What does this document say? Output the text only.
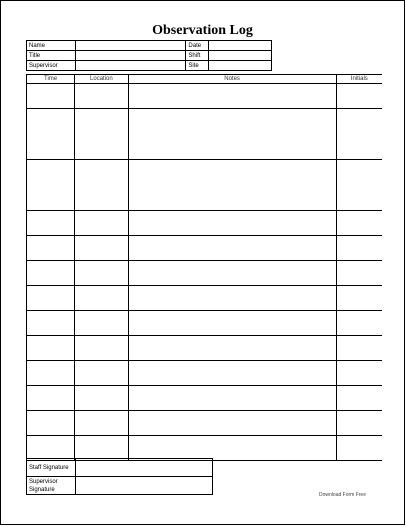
Observation Log
Name		Date	
Title		Shift	
Supervisor		Site	
Time	Location	Notes	Initials

Staff Signature	
Supervisor Signature	
Download Form Free
